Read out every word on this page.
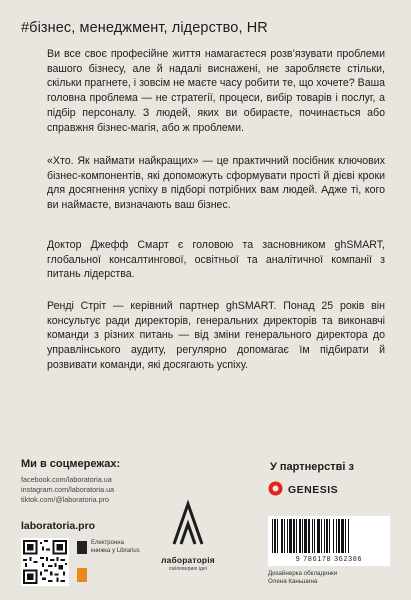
#бізнес, менеджмент, лідерство, HR
Ви все своє професійне життя намагаєтеся розв’язувати проблеми вашого бізнесу, але й надалі виснажені, не заробляєте стільки, скільки прагнете, і зовсім не маєте часу робити те, що хочете? Ваша головна проблема — не стратегії, процеси, вибір товарів і послуг, а підбір персоналу. З людей, яких ви обираєте, починається або справжня бізнес-магія, або ж проблеми.
«Хто. Як наймати найкращих» — це практичний посібник ключових бізнес-компонентів, які допоможуть сформувати прості й дієві кроки для досягнення успіху в підборі потрібних вам людей. Адже ті, кого ви наймаєте, визначають ваш бізнес.
Доктор Джефф Смарт є головою та засновником ghSMART, глобальної консалтингової, освітньої та аналітичної компанії з питань лідерства.
Ренді Стріт — керівний партнер ghSMART. Понад 25 років він консультує ради директорів, генеральних директорів та виконавчі команди з різних питань — від зміни генерального директора до управлінського аудиту, регулярно допомагає їм підбирати й розвивати команди, які досягають успіху.
Ми в соцмережах:
facebook.com/laboratoria.ua
instagram.com/laboratoria.ua
tiktok.com/@laboratoria.pro
laboratoria.pro
Електронна книжка у Librarius
лабораторія
смілеверию ідеї
У партнерстві з
GENESIS
9 786178 362386
Дизайнерка обкладинки
Олена Каньшина
